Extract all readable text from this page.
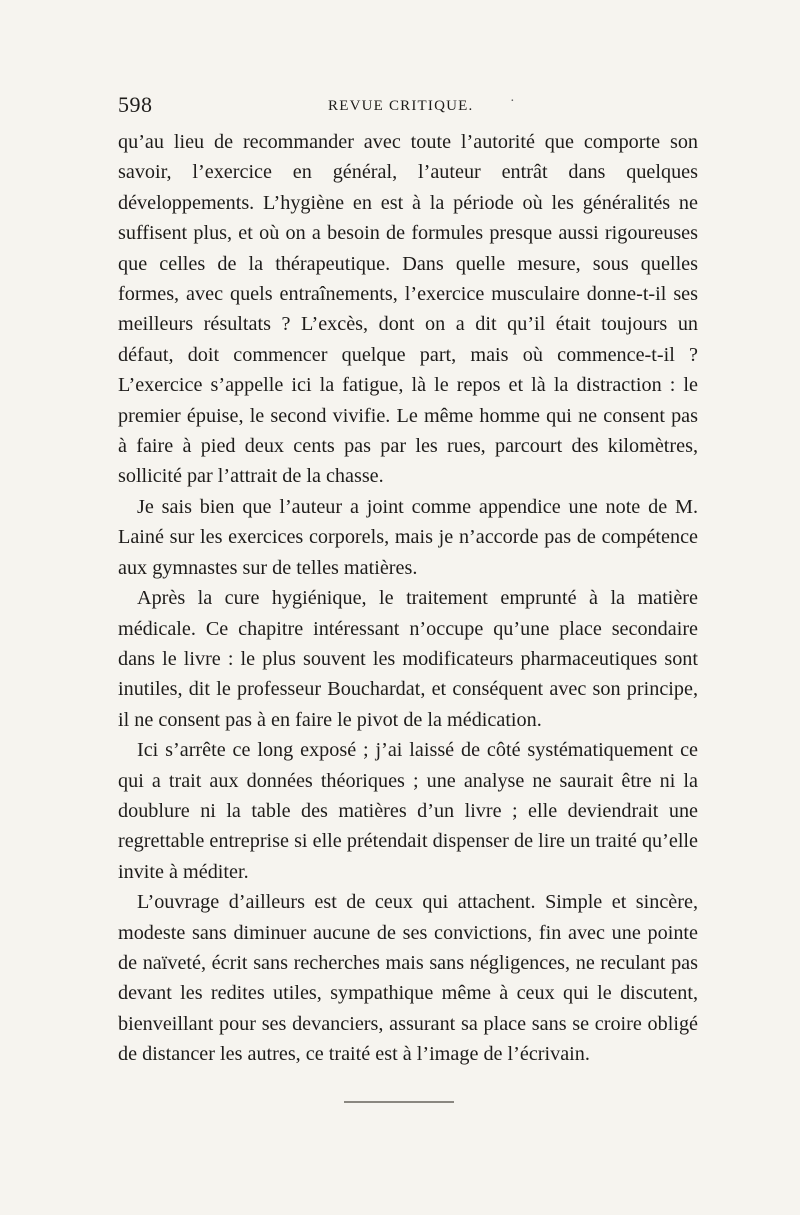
598	REVUE CRITIQUE.	·

qu’au lieu de recommander avec toute l’autorité que comporte son savoir, l’exercice en général, l’auteur entrât dans quelques développements. L’hygiène en est à la période où les généralités ne suffisent plus, et où on a besoin de formules presque aussi rigoureuses que celles de la thérapeutique. Dans quelle mesure, sous quelles formes, avec quels entraînements, l’exercice musculaire donne-t-il ses meilleurs résultats ? L’excès, dont on a dit qu’il était toujours un défaut, doit commencer quelque part, mais où commence-t-il ? L’exercice s’appelle ici la fatigue, là le repos et là la distraction : le premier épuise, le second vivifie. Le même homme qui ne consent pas à faire à pied deux cents pas par les rues, parcourt des kilomètres, sollicité par l’attrait de la chasse.

Je sais bien que l’auteur a joint comme appendice une note de M. Lainé sur les exercices corporels, mais je n’accorde pas de compétence aux gymnastes sur de telles matières.

Après la cure hygiénique, le traitement emprunté à la matière médicale. Ce chapitre intéressant n’occupe qu’une place secondaire dans le livre : le plus souvent les modificateurs pharmaceutiques sont inutiles, dit le professeur Bouchardat, et conséquent avec son principe, il ne consent pas à en faire le pivot de la médication.

Ici s’arrête ce long exposé ; j’ai laissé de côté systématiquement ce qui a trait aux données théoriques ; une analyse ne saurait être ni la doublure ni la table des matières d’un livre ; elle deviendrait une regrettable entreprise si elle prétendait dispenser de lire un traité qu’elle invite à méditer.

L’ouvrage d’ailleurs est de ceux qui attachent. Simple et sincère, modeste sans diminuer aucune de ses convictions, fin avec une pointe de naïveté, écrit sans recherches mais sans négligences, ne reculant pas devant les redites utiles, sympathique même à ceux qui le discutent, bienveillant pour ses devanciers, assurant sa place sans se croire obligé de distancer les autres, ce traité est à l’image de l’écrivain.
